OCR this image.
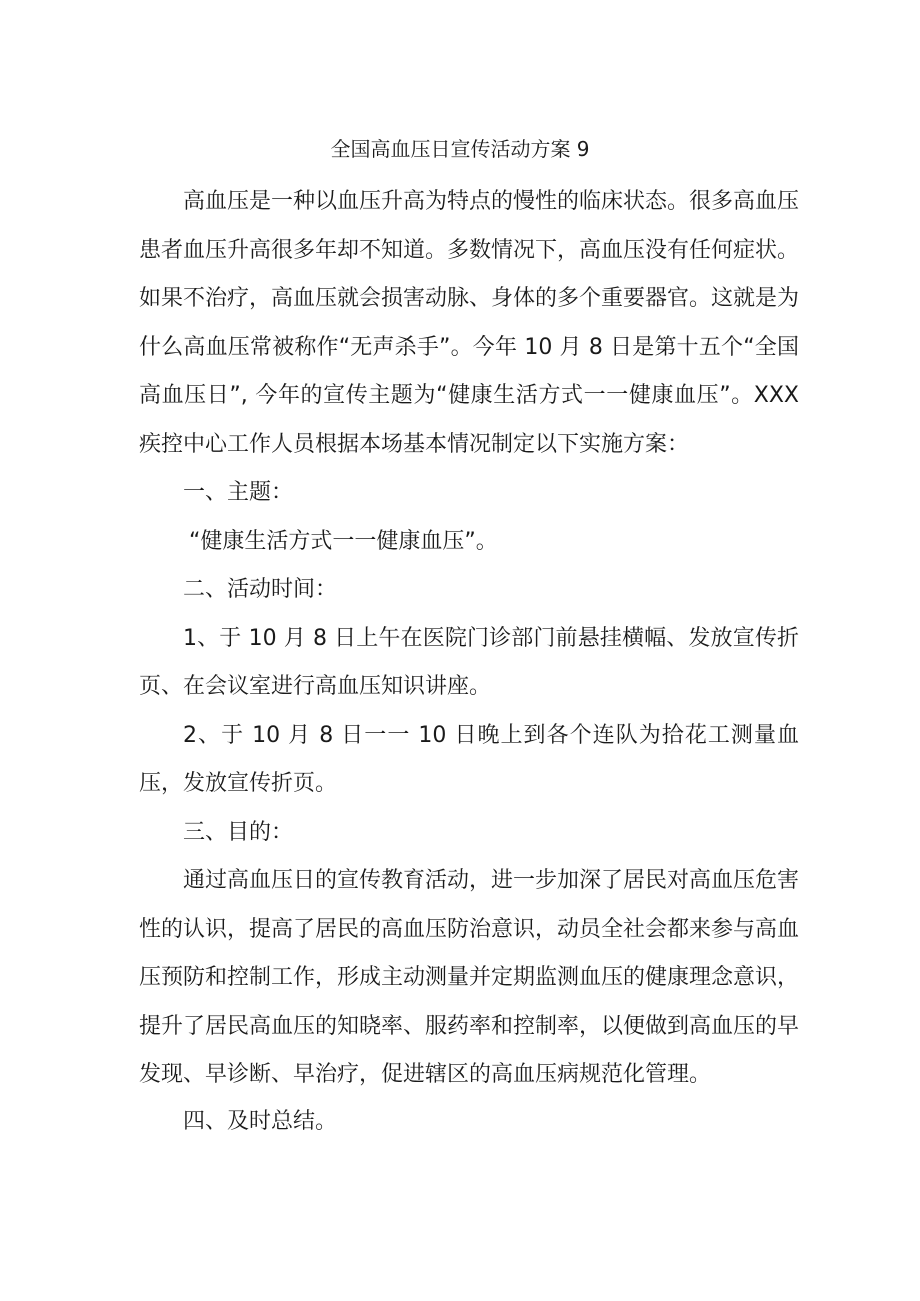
全国高血压日宣传活动方案 9

高血压是一种以血压升高为特点的慢性的临床状态。很多高血压患者血压升高很多年却不知道。多数情况下，高血压没有任何症状。如果不治疗，高血压就会损害动脉、身体的多个重要器官。这就是为什么高血压常被称作“无声杀手”。今年 10 月 8 日是第十五个“全国高血压日”, 今年的宣传主题为“健康生活方式一一健康血压”。XXX 疾控中心工作人员根据本场基本情况制定以下实施方案：

一、主题：

“健康生活方式一一健康血压”。

二、活动时间：

1、于 10 月 8 日上午在医院门诊部门前悬挂横幅、发放宣传折页、在会议室进行高血压知识讲座。

2、于 10 月 8 日一一 10 日晚上到各个连队为拾花工测量血压，发放宣传折页。

三、目的：

通过高血压日的宣传教育活动，进一步加深了居民对高血压危害性的认识，提高了居民的高血压防治意识，动员全社会都来参与高血压预防和控制工作，形成主动测量并定期监测血压的健康理念意识，提升了居民高血压的知晓率、服药率和控制率，以便做到高血压的早发现、早诊断、早治疗，促进辖区的高血压病规范化管理。

四、及时总结。
